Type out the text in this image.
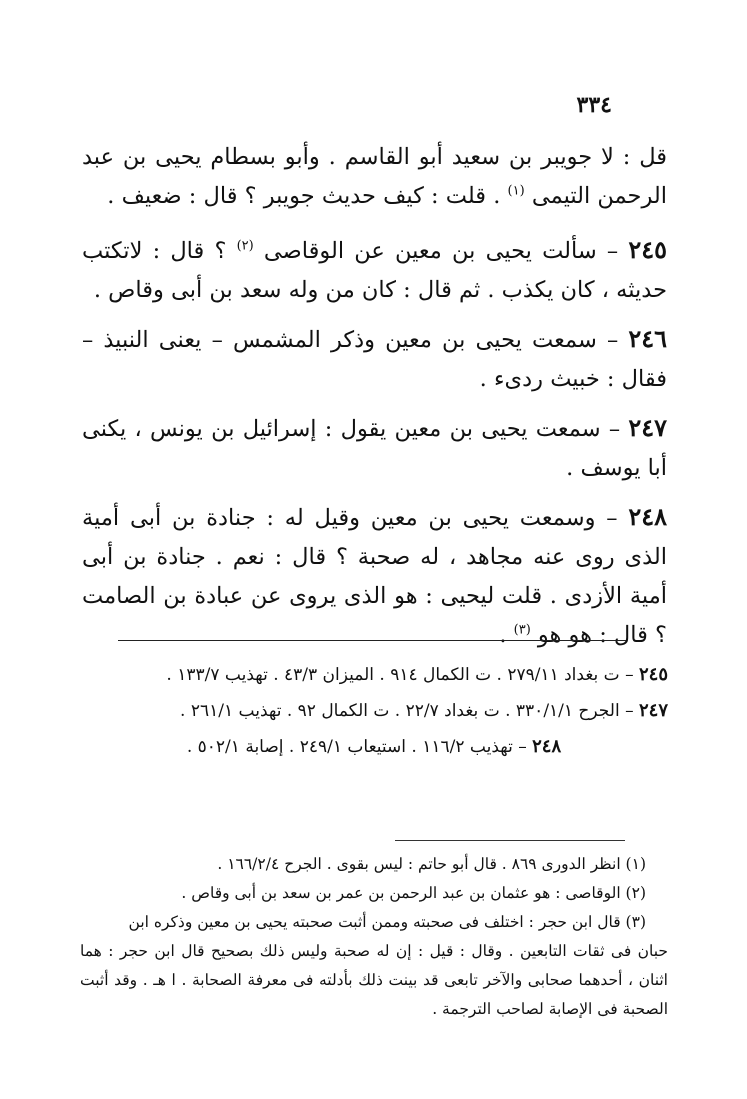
٣٣٤

قل : لا جويبر بن سعيد أبو القاسم . وأبو بسطام يحيى بن عبد الرحمن التيمى $^{(١)}$ . قلت : كيف حديث جويبر ؟ قال : ضعيف .

٢٤٥ – سألت يحيى بن معين عن الوقاصى $^{(٢)}$ ؟ قال : لاتكتب حديثه ، كان يكذب . ثم قال : كان من وله سعد بن أبى وقاص .

٢٤٦ – سمعت يحيى بن معين وذكر المشمس – يعنى النبيذ – فقال : خبيث ردىء .

٢٤٧ – سمعت يحيى بن معين يقول : إسرائيل بن يونس ، يكنى أبا يوسف .

٢٤٨ – وسمعت يحيى بن معين وقيل له : جنادة بن أبى أمية الذى روى عنه مجاهد ، له صحبة ؟ قال : نعم . جنادة بن أبى أمية الأزدى . قلت ليحيى : هو الذى يروى عن عبادة بن الصامت ؟ قال : هو هو $^{(٣)}$ .

٢٤٥ – ت بغداد ٢٧٩/١١ . ت الكمال ٩١٤ . الميزان ٤٣/٣ . تهذيب ١٣٣/٧ .

٢٤٧ – الجرح ٣٣٠/١/١ . ت بغداد ٢٢/٧ . ت الكمال ٩٢ . تهذيب ٢٦١/١ .

٢٤٨ – تهذيب ١١٦/٢ . استيعاب ٢٤٩/١ . إصابة ٥٠٢/١ .

(١) انظر الدورى ٨٦٩ . قال أبو حاتم : ليس بقوى . الجرح ١٦٦/٢/٤ .

(٢) الوقاصى : هو عثمان بن عبد الرحمن بن عمر بن سعد بن أبى وقاص .

(٣) قال ابن حجر : اختلف فى صحبته وممن أثبت صحبته يحيى بن معين وذكره ابن

حبان فى ثقات التابعين . وقال : قيل : إن له صحبة وليس ذلك بصحيح قال ابن حجر : هما اثنان ، أحدهما صحابى والآخر تابعى قد بينت ذلك بأدلته فى معرفة الصحابة . ا هـ . وقد أثبت الصحبة فى الإصابة لصاحب الترجمة .
